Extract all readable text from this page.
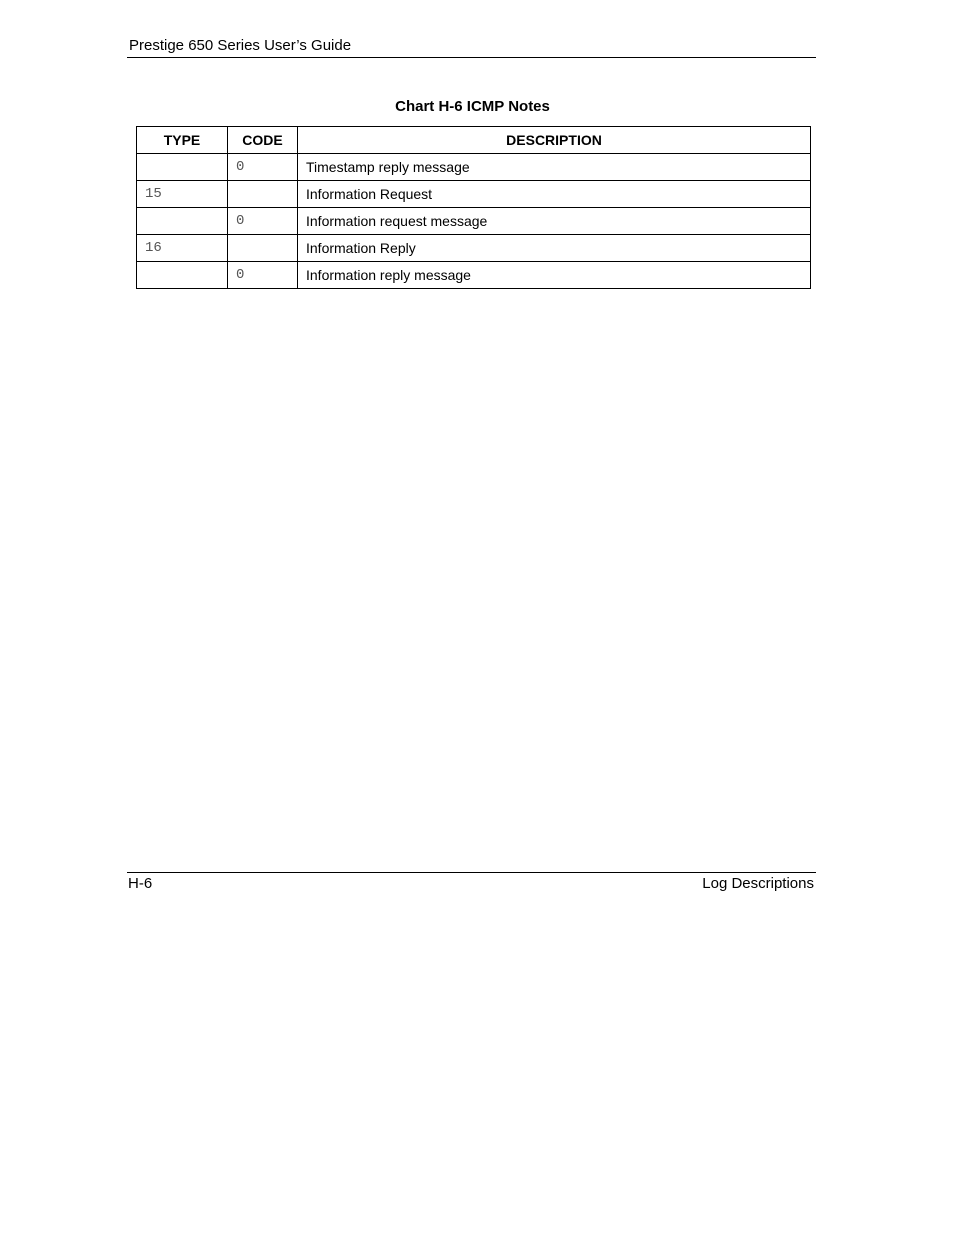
Prestige 650 Series User’s Guide
Chart H-6 ICMP Notes
TYPE	CODE	DESCRIPTION
	0	Timestamp reply message
15		Information Request
	0	Information request message
16		Information Reply
	0	Information reply message
H-6	Log Descriptions
